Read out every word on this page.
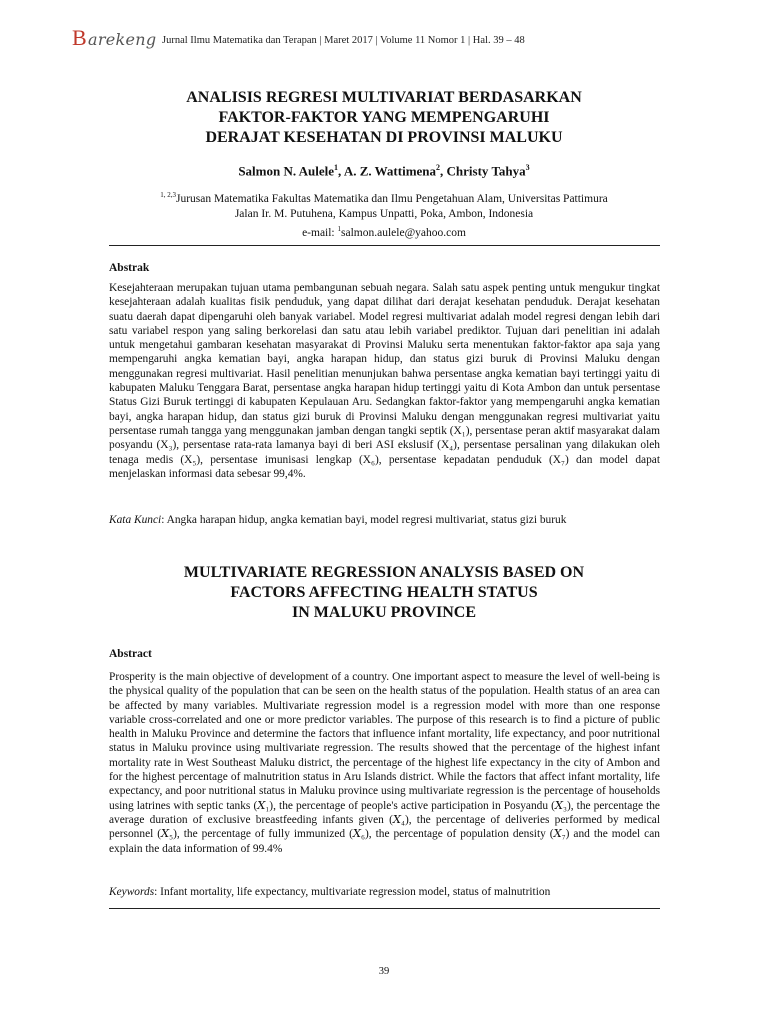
Barekeng Jurnal Ilmu Matematika dan Terapan | Maret 2017 | Volume 11 Nomor 1 | Hal. 39 – 48
ANALISIS REGRESI MULTIVARIAT BERDASARKAN
FAKTOR-FAKTOR YANG MEMPENGARUHI
DERAJAT KESEHATAN DI PROVINSI MALUKU
Salmon N. Aulele$^1$, A. Z. Wattimena$^2$, Christy Tahya$^3$
$^{1, 2,3}$Jurusan Matematika Fakultas Matematika dan Ilmu Pengetahuan Alam, Universitas Pattimura
Jalan Ir. M. Putuhena, Kampus Unpatti, Poka, Ambon, Indonesia
e-mail: $^1$salmon.aulele@yahoo.com
Abstrak

Kesejahteraan merupakan tujuan utama pembangunan sebuah negara. Salah satu aspek penting untuk mengukur tingkat kesejahteraan adalah kualitas fisik penduduk, yang dapat dilihat dari derajat kesehatan penduduk. Derajat kesehatan suatu daerah dapat dipengaruhi oleh banyak variabel. Model regresi multivariat adalah model regresi dengan lebih dari satu variabel respon yang saling berkorelasi dan satu atau lebih variabel prediktor. Tujuan dari penelitian ini adalah untuk mengetahui gambaran kesehatan masyarakat di Provinsi Maluku serta menentukan faktor-faktor apa saja yang mempengaruhi angka kematian bayi, angka harapan hidup, dan status gizi buruk di Provinsi Maluku dengan menggunakan regresi multivariat. Hasil penelitian menunjukan bahwa persentase angka kematian bayi tertinggi yaitu di kabupaten Maluku Tenggara Barat, persentase angka harapan hidup tertinggi yaitu di Kota Ambon dan untuk persentase Status Gizi Buruk tertinggi di kabupaten Kepulauan Aru. Sedangkan faktor-faktor yang mempengaruhi angka kematian bayi, angka harapan hidup, dan status gizi buruk di Provinsi Maluku dengan menggunakan regresi multivariat yaitu persentase rumah tangga yang menggunakan jamban dengan tangki septik (X₁), persentase peran aktif masyarakat dalam posyandu (X₃), persentase rata-rata lamanya bayi di beri ASI ekslusif (X₄), persentase persalinan yang dilakukan oleh tenaga medis (X₅), persentase imunisasi lengkap (X₆), persentase kepadatan penduduk (X₇) dan model dapat menjelaskan informasi data sebesar 99,4%.

Kata Kunci: Angka harapan hidup, angka kematian bayi, model regresi multivariat, status gizi buruk

MULTIVARIATE REGRESSION ANALYSIS BASED ON
FACTORS AFFECTING HEALTH STATUS
IN MALUKU PROVINCE
Abstract

Prosperity is the main objective of development of a country. One important aspect to measure the level of well-being is the physical quality of the population that can be seen on the health status of the population. Health status of an area can be affected by many variables. Multivariate regression model is a regression model with more than one response variable cross-correlated and one or more predictor variables. The purpose of this research is to find a picture of public health in Maluku Province and determine the factors that influence infant mortality, life expectancy, and poor nutritional status in Maluku province using multivariate regression. The results showed that the percentage of the highest infant mortality rate in West Southeast Maluku district, the percentage of the highest life expectancy in the city of Ambon and for the highest percentage of malnutrition status in Aru Islands district. While the factors that affect infant mortality, life expectancy, and poor nutritional status in Maluku province using multivariate regression is the percentage of households using latrines with septic tanks (𝑋₁), the percentage of people's active participation in Posyandu (𝑋₃), the percentage the average duration of exclusive breastfeeding infants given (𝑋₄), the percentage of deliveries performed by medical personnel (𝑋₅), the percentage of fully immunized (𝑋₆), the percentage of population density (𝑋₇) and the model can explain the data information of 99.4%

Keywords: Infant mortality, life expectancy, multivariate regression model, status of malnutrition

39
